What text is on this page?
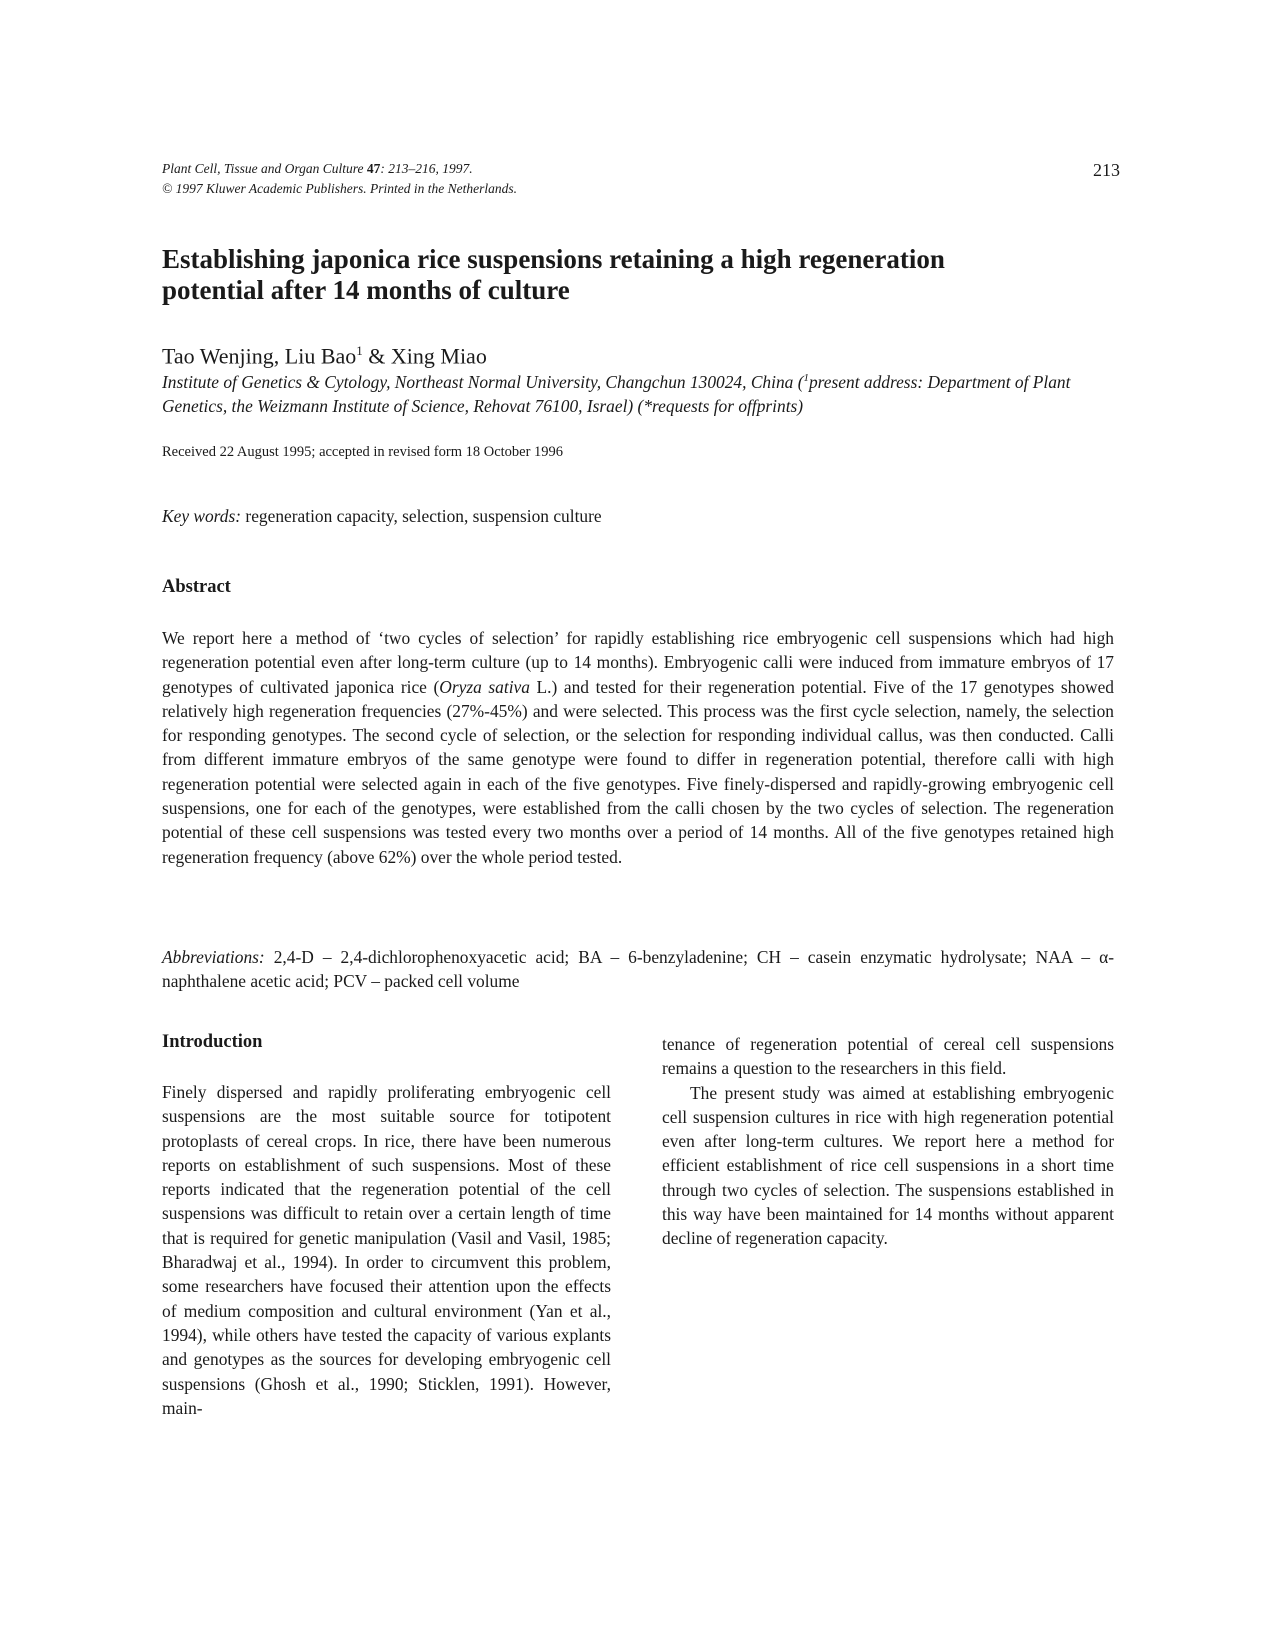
Plant Cell, Tissue and Organ Culture 47: 213–216, 1997.
© 1997 Kluwer Academic Publishers. Printed in the Netherlands.
213
Establishing japonica rice suspensions retaining a high regeneration
potential after 14 months of culture
Tao Wenjing, Liu Bao$^1$ & Xing Miao
Institute of Genetics & Cytology, Northeast Normal University, Changchun 130024, China ($^1$present address: Department of Plant Genetics, the Weizmann Institute of Science, Rehovat 76100, Israel) (*requests for offprints)
Received 22 August 1995; accepted in revised form 18 October 1996
Key words: regeneration capacity, selection, suspension culture
Abstract
We report here a method of ‘two cycles of selection’ for rapidly establishing rice embryogenic cell suspensions which had high regeneration potential even after long-term culture (up to 14 months). Embryogenic calli were induced from immature embryos of 17 genotypes of cultivated japonica rice (Oryza sativa L.) and tested for their regeneration potential. Five of the 17 genotypes showed relatively high regeneration frequencies (27%-45%) and were selected. This process was the first cycle selection, namely, the selection for responding genotypes. The second cycle of selection, or the selection for responding individual callus, was then conducted. Calli from different immature embryos of the same genotype were found to differ in regeneration potential, therefore calli with high regeneration potential were selected again in each of the five genotypes. Five finely-dispersed and rapidly-growing embryogenic cell suspensions, one for each of the genotypes, were established from the calli chosen by the two cycles of selection. The regeneration potential of these cell suspensions was tested every two months over a period of 14 months. All of the five genotypes retained high regeneration frequency (above 62%) over the whole period tested.
Abbreviations: 2,4-D – 2,4-dichlorophenoxyacetic acid; BA – 6-benzyladenine; CH – casein enzymatic hydrolysate; NAA – α-naphthalene acetic acid; PCV – packed cell volume
Introduction

Finely dispersed and rapidly proliferating embryogenic cell suspensions are the most suitable source for totipotent protoplasts of cereal crops. In rice, there have been numerous reports on establishment of such suspensions. Most of these reports indicated that the regeneration potential of the cell suspensions was difficult to retain over a certain length of time that is required for genetic manipulation (Vasil and Vasil, 1985; Bharadwaj et al., 1994). In order to circumvent this problem, some researchers have focused their attention upon the effects of medium composition and cultural environment (Yan et al., 1994), while others have tested the capacity of various explants and genotypes as the sources for developing embryogenic cell suspensions (Ghosh et al., 1990; Sticklen, 1991). However, main-

tenance of regeneration potential of cereal cell suspensions remains a question to the researchers in this field.

The present study was aimed at establishing embryogenic cell suspension cultures in rice with high regeneration potential even after long-term cultures. We report here a method for efficient establishment of rice cell suspensions in a short time through two cycles of selection. The suspensions established in this way have been maintained for 14 months without apparent decline of regeneration capacity.
